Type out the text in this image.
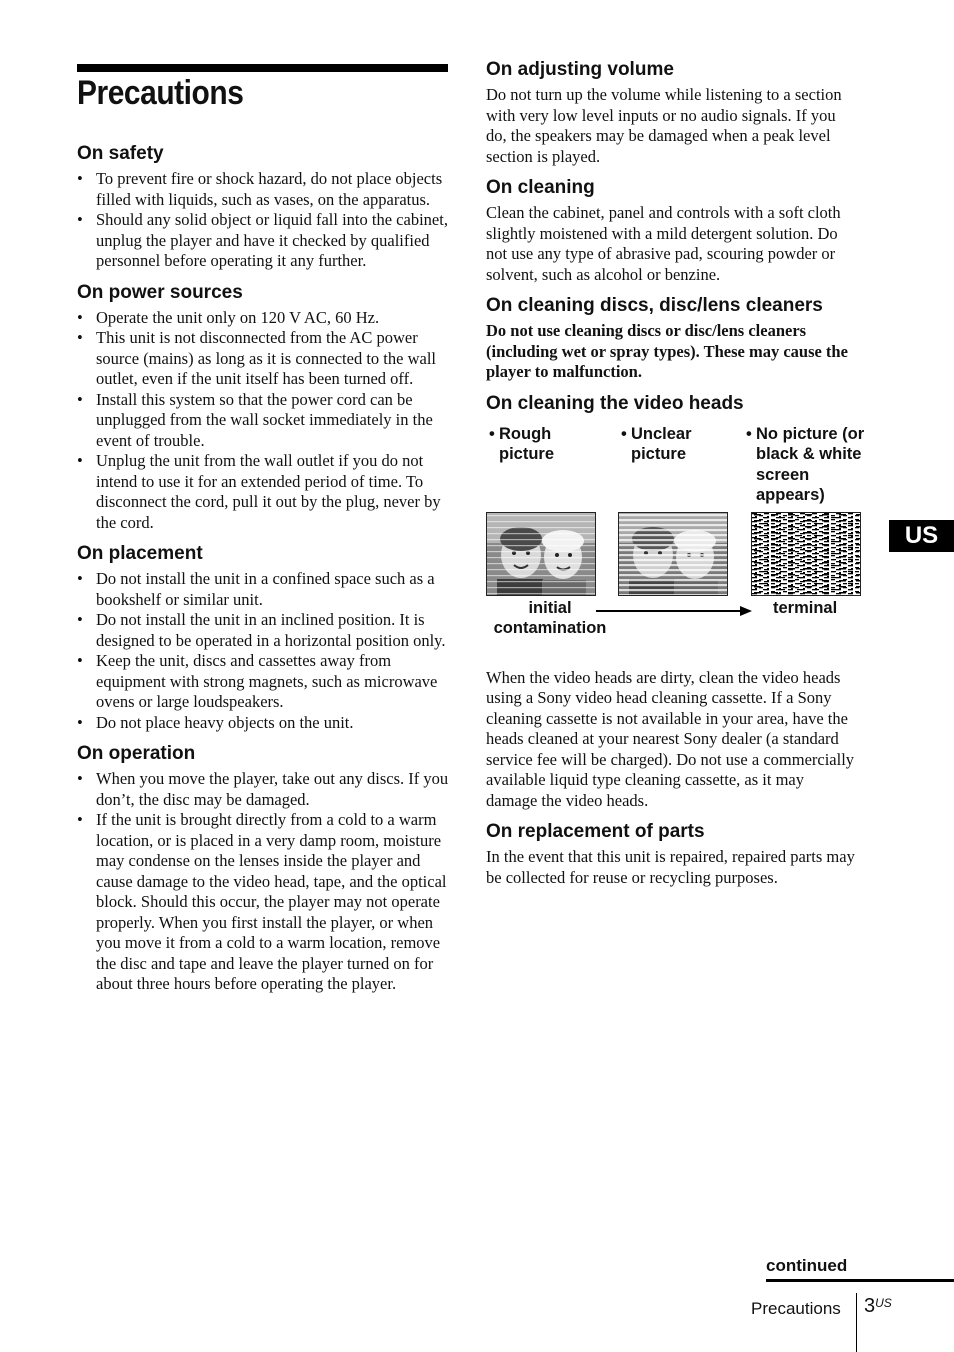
Precautions
On safety
• To prevent fire or shock hazard, do not place objects filled with liquids, such as vases, on the apparatus.
• Should any solid object or liquid fall into the cabinet, unplug the player and have it checked by qualified personnel before operating it any further.
On power sources
• Operate the unit only on 120 V AC, 60 Hz.
• This unit is not disconnected from the AC power source (mains) as long as it is connected to the wall outlet, even if the unit itself has been turned off.
• Install this system so that the power cord can be unplugged from the wall socket immediately in the event of trouble.
• Unplug the unit from the wall outlet if you do not intend to use it for an extended period of time. To disconnect the cord, pull it out by the plug, never by the cord.
On placement
• Do not install the unit in a confined space such as a bookshelf or similar unit.
• Do not install the unit in an inclined position. It is designed to be operated in a horizontal position only.
• Keep the unit, discs and cassettes away from equipment with strong magnets, such as microwave ovens or large loudspeakers.
• Do not place heavy objects on the unit.
On operation
• When you move the player, take out any discs. If you don’t, the disc may be damaged.
• If the unit is brought directly from a cold to a warm location, or is placed in a very damp room, moisture may condense on the lenses inside the player and cause damage to the video head, tape, and the optical block. Should this occur, the player may not operate properly. When you first install the player, or when you move it from a cold to a warm location, remove the disc and tape and leave the player turned on for about three hours before operating the player.
On adjusting volume

Do not turn up the volume while listening to a section with very low level inputs or no audio signals. If you do, the speakers may be damaged when a peak level section is played.

On cleaning

Clean the cabinet, panel and controls with a soft cloth slightly moistened with a mild detergent solution. Do not use any type of abrasive pad, scouring powder or solvent, such as alcohol or benzine.

On cleaning discs, disc/lens cleaners

Do not use cleaning discs or disc/lens cleaners (including wet or spray types). These may cause the player to malfunction.

On cleaning the video heads
• Rough picture
• Unclear picture
• No picture (or black & white screen appears)
initial contamination
terminal

When the video heads are dirty, clean the video heads using a Sony video head cleaning cassette. If a Sony cleaning cassette is not available in your area, have the heads cleaned at your nearest Sony dealer (a standard service fee will be charged). Do not use a commercially available liquid type cleaning cassette, as it may damage the video heads.

On replacement of parts

In the event that this unit is repaired, repaired parts may be collected for reuse or recycling purposes.

US
continued
Precautions $3^{US}$
